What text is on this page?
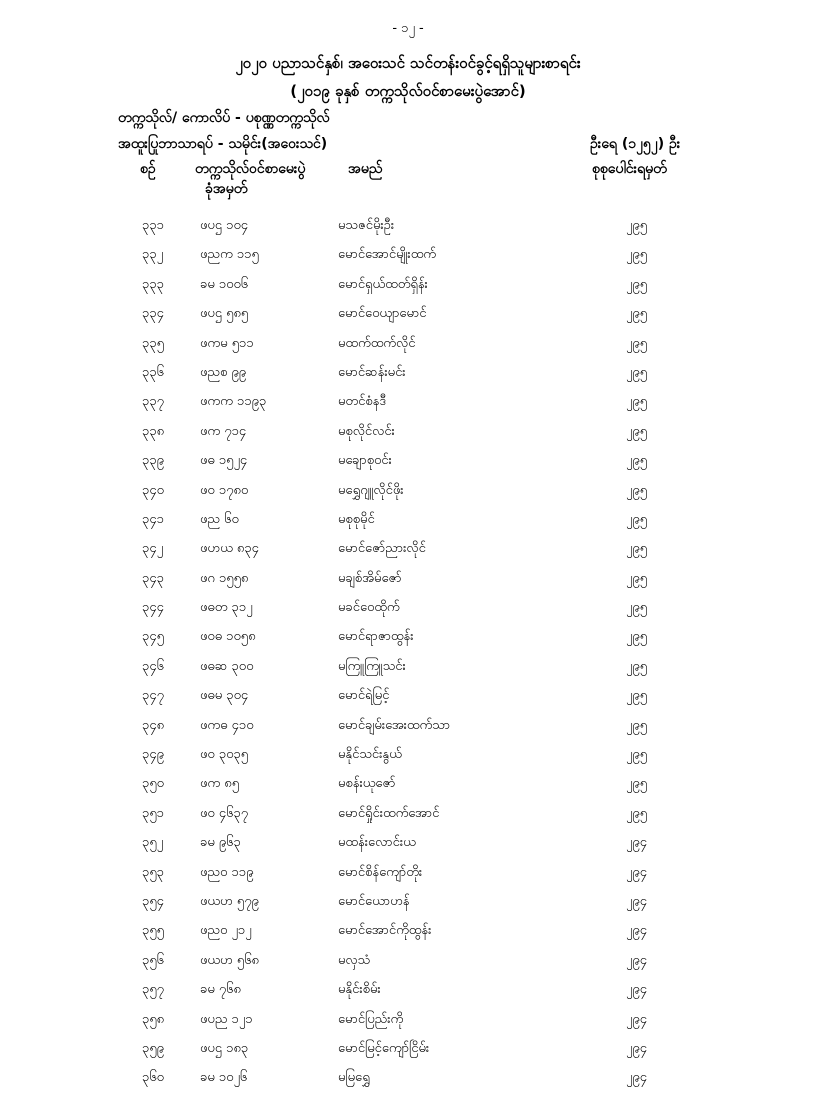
- ၁၂ -
၂၀၂၀ ပညာသင်နှစ်၊ အဝေးသင် သင်တန်းဝင်ခွင့်ရရှိသူများစာရင်း
(၂၀၁၉ ခုနှစ် တက္ကသိုလ်ဝင်စာမေးပွဲအောင်)
တက္ကသိုလ်/ ကောလိပ် - ပစုဏ္ဏတက္ကသိုလ်
အထူးပြုဘာသာရပ် - သမိုင်း(အဝေးသင်)	ဦးရေ (၁၂၅၂) ဦး
စဉ်	တက္ကသိုလ်ဝင်စာမေးပွဲ
ခုံအမှတ်
အမည်	စုစုပေါင်းရမှတ်
၃၃၁	ဖပဌ ၁၀၄	မသဇင်မိုးဦး	၂၉၅
၃၃၂	ဖညက ၁၁၅	မောင်အောင်မျိုးထက်	၂၉၅
၃၃၃	ခမ ၁၀၀၆	မောင်ရှယ်ထတ်ရှိန်း	၂၉၅
၃၃၄	ဖပဌ ၅၈၅	မောင်ဝေယျာမောင်	၂၉၅
၃၃၅	ဖကမ ၅၁၁	မထက်ထက်လိုင်	၂၉၅
၃၃၆	ဖညစ ၉၉	မောင်ဆန်းမင်း	၂၉၅
၃၃၇	ဖကက ၁၁၉၃	မတင်စံနဒီ	၂၉၅
၃၃၈	ဖက ၇၁၄	မစုလိုင်လင်း	၂၉၅
၃၃၉	ဖဓ ၁၅၂၄	မချောစုဝင်း	၂၉၅
၃၄၀	ဖဝ ၁၇၈၀	မရွှေဂျူလိုင်ဖိုး	၂၉၅
၃၄၁	ဖည ၆၀	မစုစုမိုင်	၂၉၅
၃၄၂	ဖဟယ ၈၃၄	မောင်ဇော်ညားလိုင်	၂၉၅
၃၄၃	ဖဂ ၁၅၅၈	မချစ်အိမ်ဇော်	၂၉၅
၃၄၄	ဖဓတ ၃၁၂	မခင်ဝေထိုက်	၂၉၅
၃၄၅	ဖဝဓ ၁၀၅၈	မောင်ရာဇာထွန်း	၂၉၅
၃၄၆	ဖဓဆ ၃၀၀	မကြူကြူသင်း	၂၉၅
၃၄၇	ဖဓမ ၃၀၄	မောင်ရဲမြင့်	၂၉၅
၃၄၈	ဖကဓ ၄၁၀	မောင်ချမ်းအေးထက်သာ	၂၉၅
၃၄၉	ဖဝ ၃၀၃၅	မနိုင်သင်းနွယ်	၂၉၅
၃၅၀	ဖက ၈၅	မစန်းယုဇော်	၂၉၅
၃၅၁	ဖဝ ၄၆၃၇	မောင်ရှိုင်းထက်အောင်	၂၉၅
၃၅၂	ခမ ၉၆၃	မထန်းလောင်းယ	၂၉၄
၃၅၃	ဖည၀ ၁၁၉	မောင်စိန်ကျော်တိုး	၂၉၄
၃၅၄	ဖယဟ ၅၇၉	မောင်ယောဟန်	၂၉၄
၃၅၅	ဖည၀ ၂၁၂	မောင်အောင်ကိုထွန်း	၂၉၄
၃၅၆	ဖယဟ ၅၆၈	မလှသံ	၂၉၄
၃၅၇	ခမ ၇၆၈	မနိုင်းစိမ်း	၂၉၄
၃၅၈	ဖပည ၁၂၁	မောင်ပြည်းကို	၂၉၄
၃၅၉	ဖပဌ ၁၈၃	မောင်မြင့်ကျော်ငြိမ်း	၂၉၄
၃၆၀	ခမ ၁၀၂၆	မမြရွှေ	၂၉၄
